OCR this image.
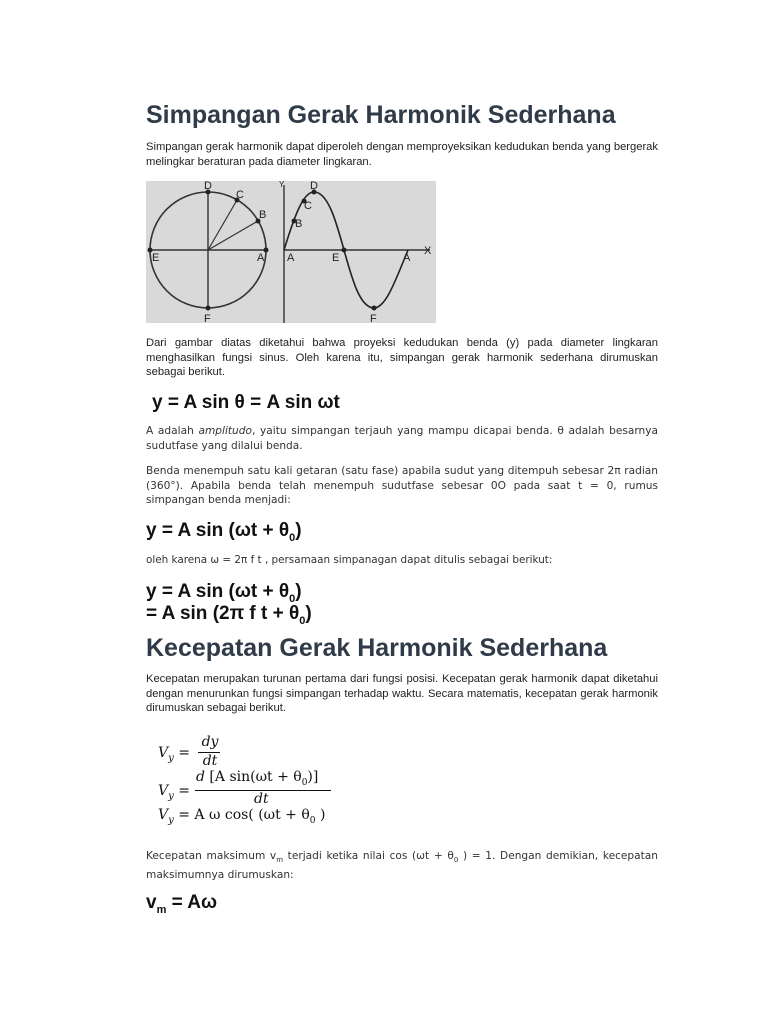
Simpangan Gerak Harmonik Sederhana
Simpangan gerak harmonik dapat diperoleh dengan memproyeksikan kedudukan benda yang bergerak melingkar beraturan pada diameter lingkaran.
D
C
B
A
E
F
Y D
C
B
A	E	A
F
X
Dari gambar diatas diketahui bahwa proyeksi kedudukan benda (y) pada diameter lingkaran menghasilkan fungsi sinus. Oleh karena itu, simpangan gerak harmonik sederhana dirumuskan sebagai berikut.
y = A sin θ = A sin ωt
A adalah amplitudo, yaitu simpangan terjauh yang mampu dicapai benda. θ adalah besarnya sudutfase yang dilalui benda.
Benda menempuh satu kali getaran (satu fase) apabila sudut yang ditempuh sebesar 2π radian (360°). Apabila benda telah menempuh sudutfase sebesar 0O pada saat t = 0, rumus simpangan benda menjadi:
y = A $\sin (\omega t + \theta_0)$
oleh karena ω = 2π f t , persamaan simpanagan dapat ditulis sebagai berikut:
y = A $\sin (\omega t + \theta_0)$
= A sin (2π f $t + \theta_0$)
Kecepatan Gerak Harmonik Sederhana
Kecepatan merupakan turunan pertama dari fungsi posisi. Kecepatan gerak harmonik dapat diketahui dengan menurunkan fungsi simpangan terhadap waktu. Secara matematis, kecepatan gerak harmonik dirumuskan sebagai berikut.
$V_y$ =
dy
dt
$V_y$ =
d [A $\sin(\omega t + \theta_0)$]
dt
$V_y = A$ ω cos( ($\omega t + \theta_0$ )
Kecepatan maksimum $v_m$ terjadi ketika nilai $\cos (\omega t + \theta_0$ ) = 1. Dengan demikian, kecepatan maksimumnya dirumuskan:
$v_m = A\omega$
